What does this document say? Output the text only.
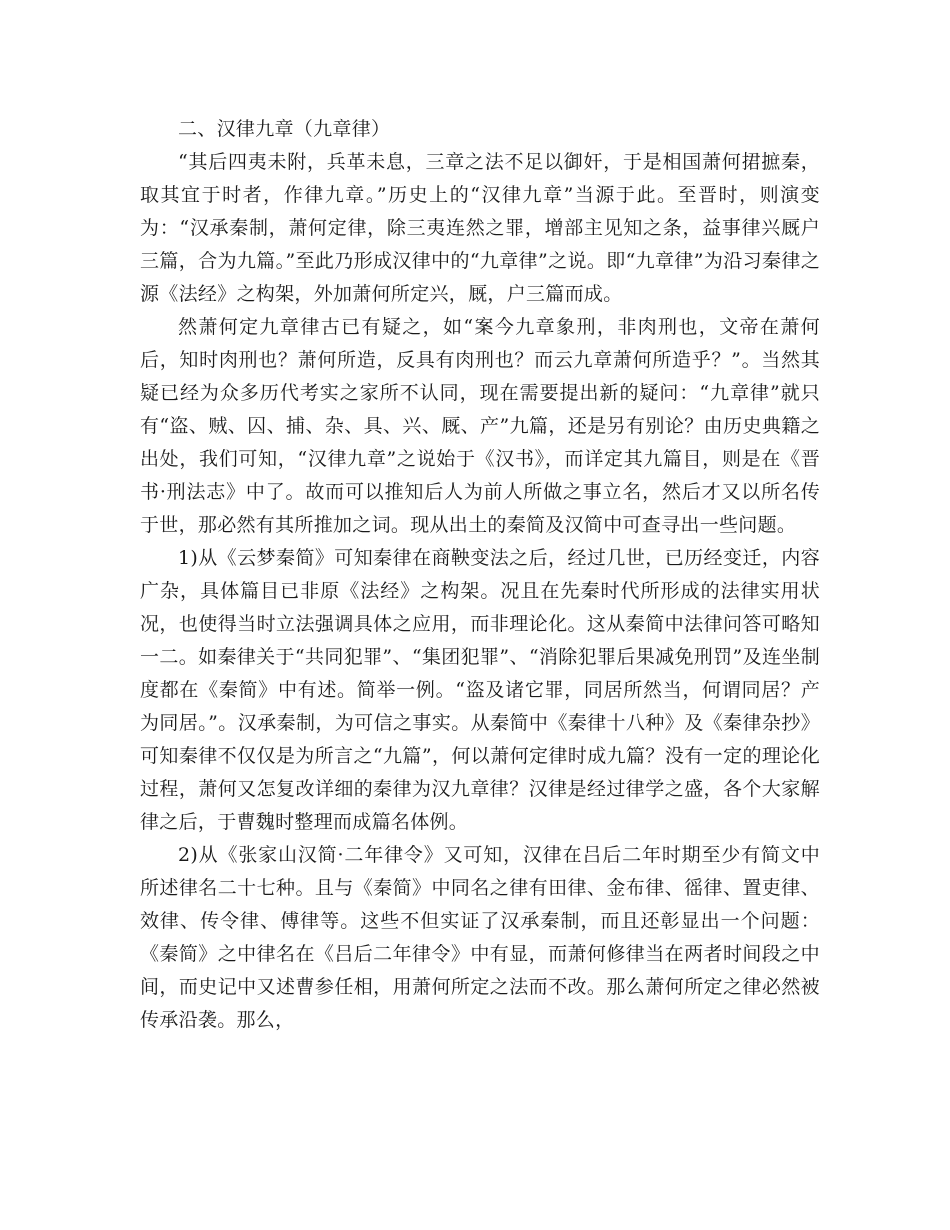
二、汉律九章（九章律）

“其后四夷未附，兵革未息，三章之法不足以御奸，于是相国萧何捃摭秦，取其宜于时者，作律九章。”历史上的“汉律九章”当源于此。至晋时，则演变为：“汉承秦制，萧何定律，除三夷连然之罪，增部主见知之条，益事律兴厩户三篇，合为九篇。”至此乃形成汉律中的“九章律”之说。即“九章律”为沿习秦律之源《法经》之构架，外加萧何所定兴，厩，户三篇而成。

然萧何定九章律古已有疑之，如“案今九章象刑，非肉刑也，文帝在萧何后，知时肉刑也？萧何所造，反具有肉刑也？而云九章萧何所造乎？”。当然其疑已经为众多历代考实之家所不认同，现在需要提出新的疑问：“九章律”就只有“盗、贼、囚、捕、杂、具、兴、厩、产”九篇，还是另有别论？由历史典籍之出处，我们可知，“汉律九章”之说始于《汉书》，而详定其九篇目，则是在《晋书·刑法志》中了。故而可以推知后人为前人所做之事立名，然后才又以所名传于世，那必然有其所推加之词。现从出土的秦简及汉简中可查寻出一些问题。

1)从《云梦秦简》可知秦律在商鞅变法之后，经过几世，已历经变迁，内容广杂，具体篇目已非原《法经》之构架。况且在先秦时代所形成的法律实用状况，也使得当时立法强调具体之应用，而非理论化。这从秦简中法律问答可略知一二。如秦律关于“共同犯罪”、“集团犯罪”、“消除犯罪后果减免刑罚”及连坐制度都在《秦简》中有述。简举一例。“盗及诸它罪，同居所然当，何谓同居？产为同居。”。汉承秦制，为可信之事实。从秦简中《秦律十八种》及《秦律杂抄》可知秦律不仅仅是为所言之“九篇”，何以萧何定律时成九篇？没有一定的理论化过程，萧何又怎复改详细的秦律为汉九章律？汉律是经过律学之盛，各个大家解律之后，于曹魏时整理而成篇名体例。

2)从《张家山汉简·二年律令》又可知，汉律在吕后二年时期至少有简文中所述律名二十七种。且与《秦简》中同名之律有田律、金布律、徭律、置吏律、效律、传令律、傅律等。这些不但实证了汉承秦制，而且还彰显出一个问题：《秦简》之中律名在《吕后二年律令》中有显，而萧何修律当在两者时间段之中间，而史记中又述曹参任相，用萧何所定之法而不改。那么萧何所定之律必然被传承沿袭。那么，
